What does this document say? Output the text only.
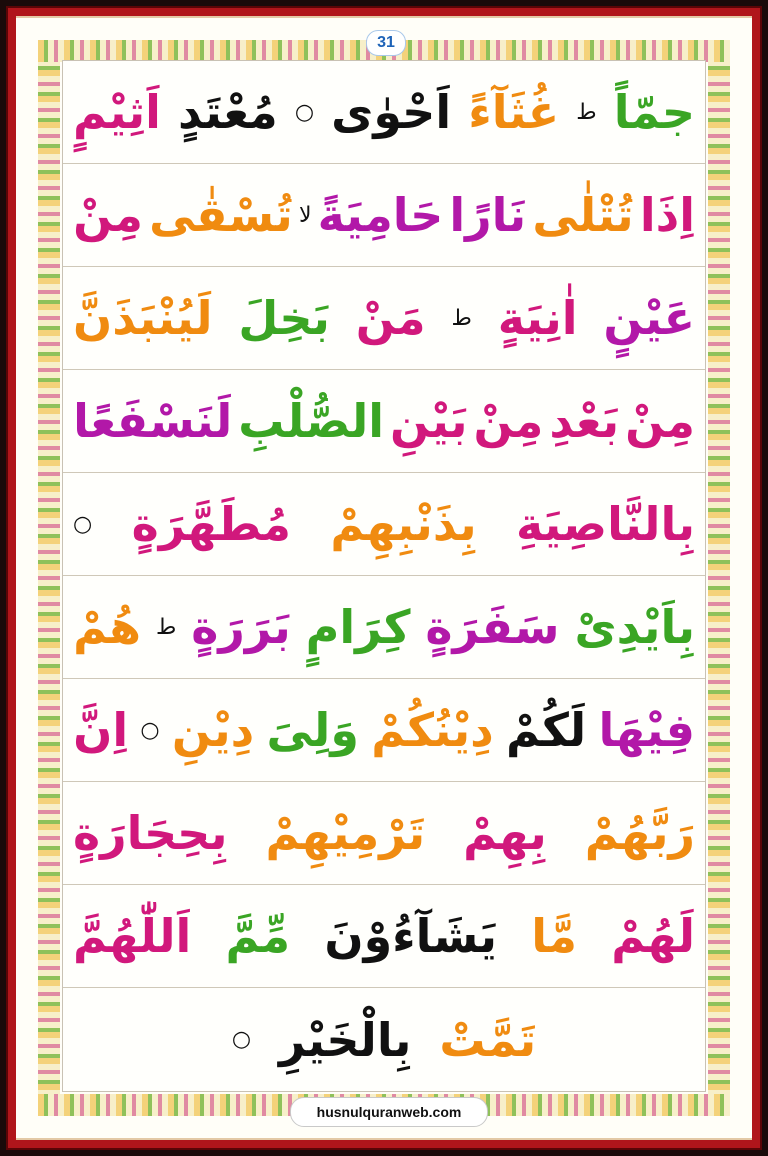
31
جمّاً
ط
غُثَآءً
اَحْوٰی
○
مُعْتَدٍ
اَثِیْمٍ
اِذَا
تُتْلٰی
نَارًا
حَامِیَةً
لا
تُسْقٰی
مِنْ
عَیْنٍ
اٰنِیَةٍ
ط
مَنْ
بَخِلَ
لَیُنْبَذَنَّ
مِنْ
بَعْدِ
مِنْ
بَیْنِ
الصُّلْبِ
لَنَسْفَعًا
بِالنَّاصِیَةِ
بِذَنْبِهِمْ
مُطَهَّرَةٍ
○
بِاَیْدِیْ
سَفَرَةٍ
کِرَامٍ
بَرَرَةٍ
ط
هُمْ
فِیْهَا
لَکُمْ
دِیْنُکُمْ
وَلِیَ
دِیْنِ
○
اِنَّ
رَبَّهُمْ
بِهِمْ
تَرْمِیْهِمْ
بِحِجَارَةٍ
لَهُمْ
مَّا
یَشَآءُوْنَ
مِّمَّ
اَللّٰهُمَّ
تَمَّتْ
بِالْخَیْرِ
○
husnulquranweb.com
